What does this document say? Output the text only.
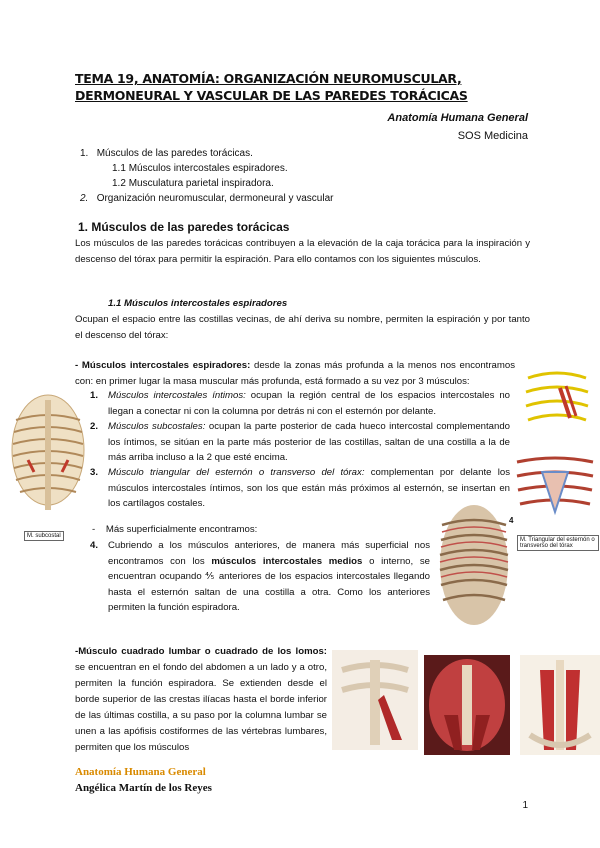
TEMA 19, ANATOMÍA: ORGANIZACIÓN NEUROMUSCULAR, DERMONEURAL Y VASCULAR DE LAS PAREDES TORÁCICAS
Anatomía Humana General
SOS Medicina
1. Músculos de las paredes torácicas.
1.1 Músculos intercostales espiradores.
1.2 Musculatura parietal inspiradora.
2. Organización neuromuscular, dermoneural y vascular
1. Músculos de las paredes torácicas
Los músculos de las paredes torácicas contribuyen a la elevación de la caja torácica para la inspiración y descenso del tórax para permitir la espiración. Para ello contamos con los siguientes músculos.
1.1 Músculos intercostales espiradores
Ocupan el espacio entre las costillas vecinas, de ahí deriva su nombre, permiten la espiración y por tanto el descenso del tórax:
- Músculos intercostales espiradores: desde la zonas más profunda a la menos nos encontramos con: en primer lugar la masa muscular más profunda, está formado a su vez por 3 músculos:
1. Músculos intercostales íntimos: ocupan la región central de los espacios intercostales no llegan a conectar ni con la columna por detrás ni con el esternón por delante.
2. Músculos subcostales: ocupan la parte posterior de cada hueco intercostal complementando los íntimos, se sitúan en la parte más posterior de las costillas, saltan de una costilla a la de más arriba incluso a la 2 que esté encima.
3. Músculo triangular del esternón o transverso del tórax: complementan por delante los músculos intercostales íntimos, son los que están más próximos al esternón, se insertan en los cartílagos costales.
-    Más superficialmente encontramos:
4. Cubriendo a los músculos anteriores, de manera más superficial nos encontramos con los músculos intercostales medios o interno, se encuentran ocupando ⅘ anteriores de los espacios intercostales llegando hasta el esternón saltan de una costilla a otra. Como los anteriores permiten la función espiradora.
-Músculo cuadrado lumbar o cuadrado de los lomos: se encuentran en el fondo del abdomen a un lado y a otro, permiten la función espiradora. Se extienden desde el borde superior de las crestas ilíacas hasta el borde inferior de las últimas costilla, a su paso por la columna lumbar se unen a las apófisis costiformes de las vértebras lumbares, permiten que los músculos
M. subcostal
4
M. Triangular del esternón o transverso del tórax
Anatomía Humana General
Angélica Martín de los Reyes
1
